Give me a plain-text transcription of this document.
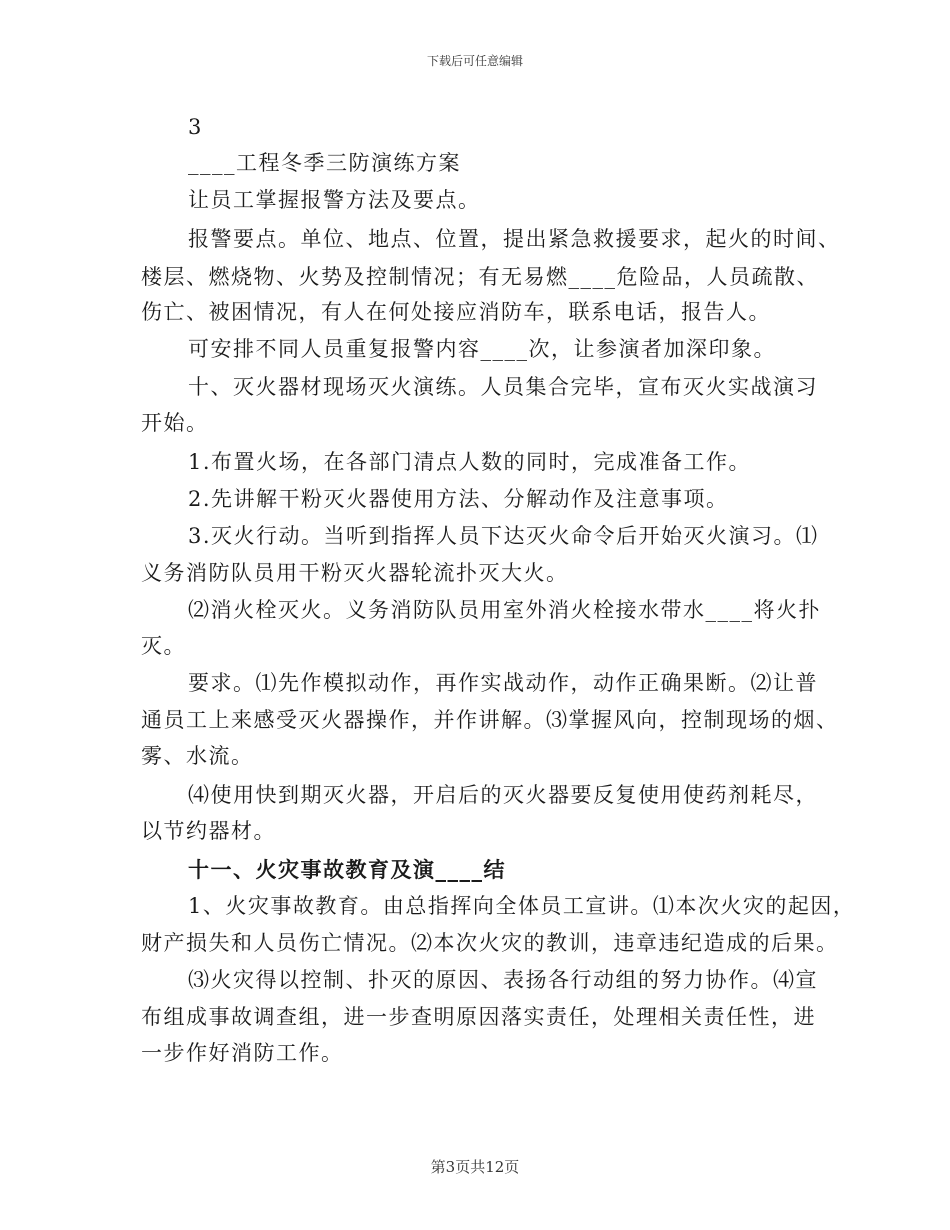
下载后可任意编辑
3
____工程冬季三防演练方案
让员工掌握报警方法及要点。
报警要点。单位、地点、位置，提出紧急救援要求，起火的时间、
楼层、燃烧物、火势及控制情况；有无易燃____危险品，人员疏散、
伤亡、被困情况，有人在何处接应消防车，联系电话，报告人。
可安排不同人员重复报警内容____次，让参演者加深印象。
十、灭火器材现场灭火演练。人员集合完毕，宣布灭火实战演习
开始。
1.布置火场，在各部门清点人数的同时，完成准备工作。
2.先讲解干粉灭火器使用方法、分解动作及注意事项。
3.灭火行动。当听到指挥人员下达灭火命令后开始灭火演习。⑴
义务消防队员用干粉灭火器轮流扑灭大火。
⑵消火栓灭火。义务消防队员用室外消火栓接水带水____将火扑
灭。
要求。⑴先作模拟动作，再作实战动作，动作正确果断。⑵让普
通员工上来感受灭火器操作，并作讲解。⑶掌握风向，控制现场的烟、
雾、水流。
⑷使用快到期灭火器，开启后的灭火器要反复使用使药剂耗尽，
以节约器材。
十一、火灾事故教育及演____结
1、火灾事故教育。由总指挥向全体员工宣讲。⑴本次火灾的起因，
财产损失和人员伤亡情况。⑵本次火灾的教训，违章违纪造成的后果。
⑶火灾得以控制、扑灭的原因、表扬各行动组的努力协作。⑷宣
布组成事故调查组，进一步查明原因落实责任，处理相关责任性，进
一步作好消防工作。
第3页共12页
